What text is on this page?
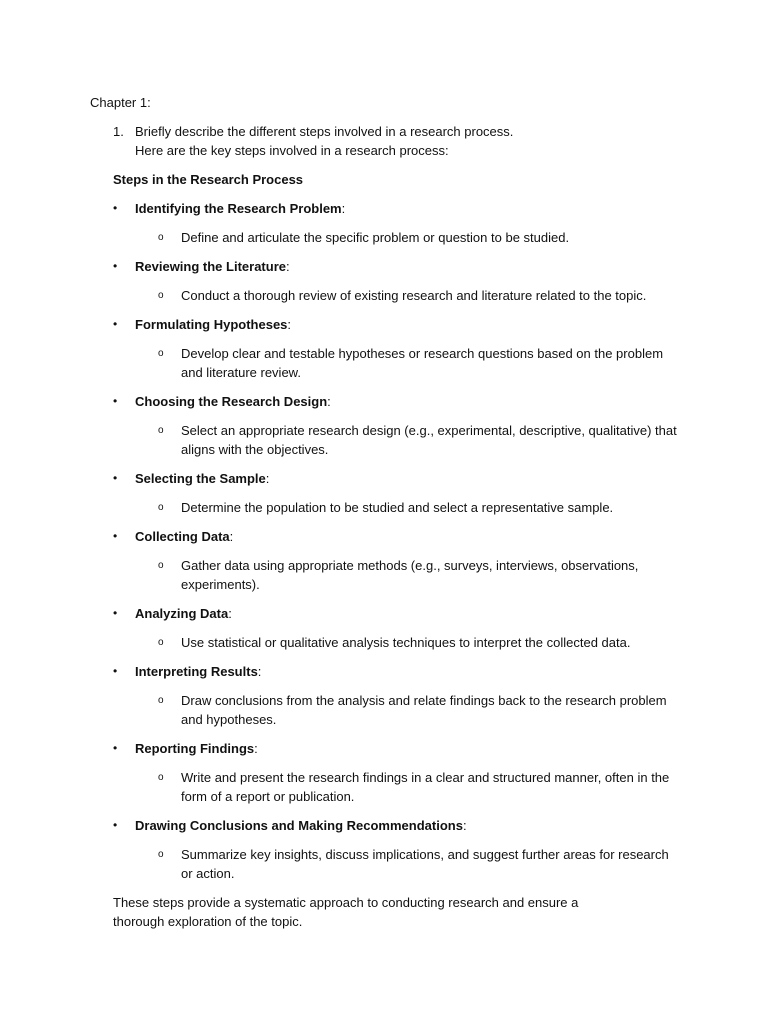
Chapter 1:
1. Briefly describe the different steps involved in a research process.
Here are the key steps involved in a research process:
Steps in the Research Process
•	Identifying the Research Problem:
o	Define and articulate the specific problem or question to be studied.
•	Reviewing the Literature:
o	Conduct a thorough review of existing research and literature related to the topic.
•	Formulating Hypotheses:
o	Develop clear and testable hypotheses or research questions based on the problem and literature review.
•	Choosing the Research Design:
o	Select an appropriate research design (e.g., experimental, descriptive, qualitative) that aligns with the objectives.
•	Selecting the Sample:
o	Determine the population to be studied and select a representative sample.
•	Collecting Data:
o	Gather data using appropriate methods (e.g., surveys, interviews, observations, experiments).
•	Analyzing Data:
o	Use statistical or qualitative analysis techniques to interpret the collected data.
•	Interpreting Results:
o	Draw conclusions from the analysis and relate findings back to the research problem and hypotheses.
•	Reporting Findings:
o	Write and present the research findings in a clear and structured manner, often in the form of a report or publication.
•	Drawing Conclusions and Making Recommendations:
o	Summarize key insights, discuss implications, and suggest further areas for research or action.
These steps provide a systematic approach to conducting research and ensure a thorough exploration of the topic.
